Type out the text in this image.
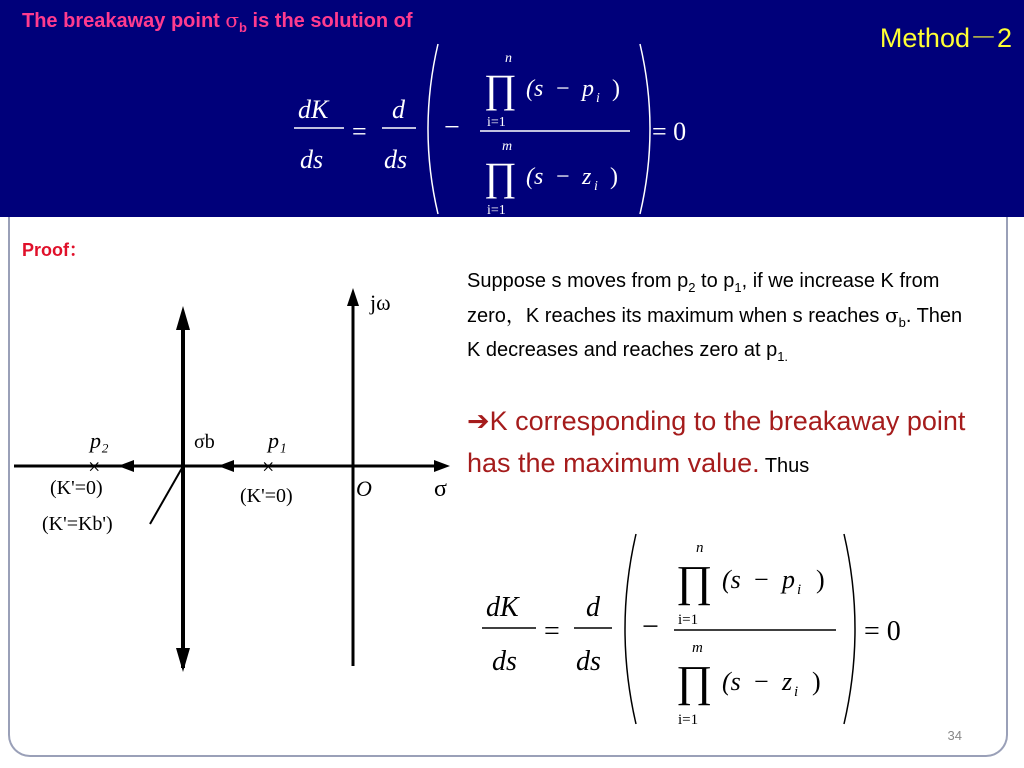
The breakaway point $\sigma_b$ is the solution of
Method－2
dK
ds
=
d
ds
−
n
∏
i=1
(s − p i )
m
∏
i=1
(s − z i )
= 0
Proof：
×	×
jω
σ
O
σb
p₂	p₁
(K'=0)	(K'=0)
(K'=Kb')
Suppose s moves from $p_2$ to $p_1$, if we increase K from zero，K reaches its maximum when s reaches $\sigma_b$. Then K decreases and reaches zero at $p_{1.}$
➔K corresponding to the breakaway point has the maximum value. Thus
dK
ds
=
d
ds
−
n
∏
i=1
(s − p i )
m
∏
i=1
(s − z i )
= 0
34
